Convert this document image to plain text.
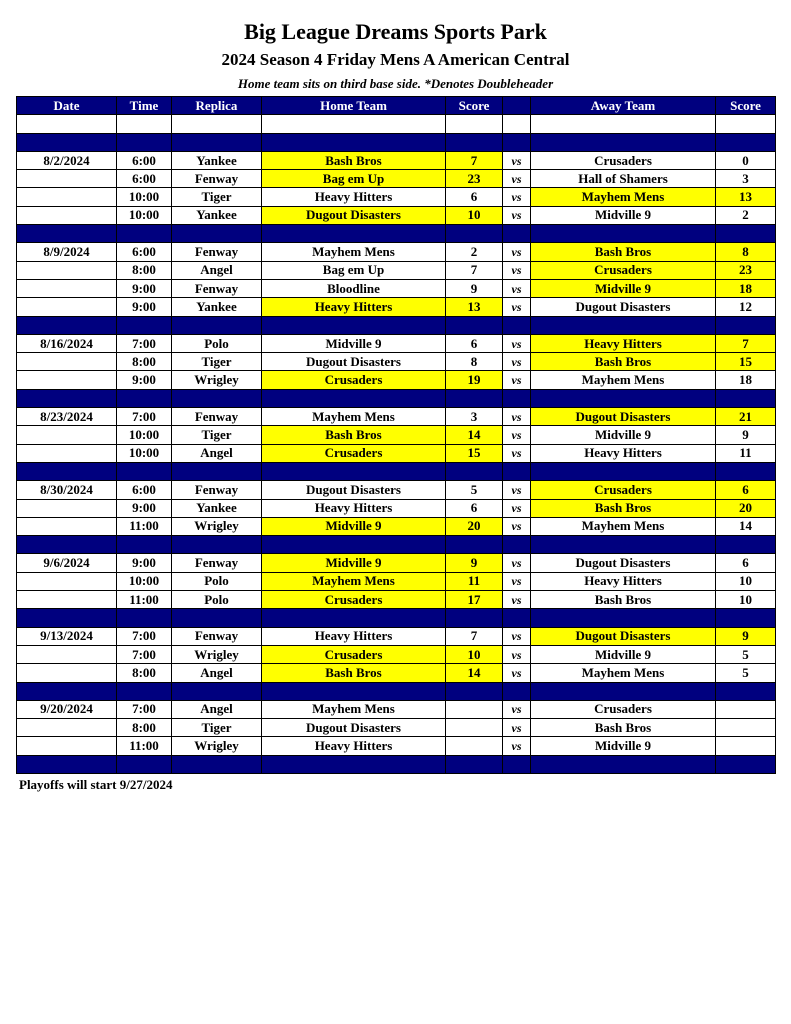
Big League Dreams Sports Park
2024 Season 4 Friday Mens A American Central
Home team sits on third base side. *Denotes Doubleheader
Date	Time	Replica	Home Team	Score		Away Team	Score

8/2/2024	6:00	Yankee	Bash Bros	7	vs	Crusaders	0
	6:00	Fenway	Bag em Up	23	vs	Hall of Shamers	3
	10:00	Tiger	Heavy Hitters	6	vs	Mayhem Mens	13
	10:00	Yankee	Dugout Disasters	10	vs	Midville 9	2

8/9/2024	6:00	Fenway	Mayhem Mens	2	vs	Bash Bros	8
	8:00	Angel	Bag em Up	7	vs	Crusaders	23
	9:00	Fenway	Bloodline	9	vs	Midville 9	18
	9:00	Yankee	Heavy Hitters	13	vs	Dugout Disasters	12

8/16/2024	7:00	Polo	Midville 9	6	vs	Heavy Hitters	7
	8:00	Tiger	Dugout Disasters	8	vs	Bash Bros	15
	9:00	Wrigley	Crusaders	19	vs	Mayhem Mens	18

8/23/2024	7:00	Fenway	Mayhem Mens	3	vs	Dugout Disasters	21
	10:00	Tiger	Bash Bros	14	vs	Midville 9	9
	10:00	Angel	Crusaders	15	vs	Heavy Hitters	11

8/30/2024	6:00	Fenway	Dugout Disasters	5	vs	Crusaders	6
	9:00	Yankee	Heavy Hitters	6	vs	Bash Bros	20
	11:00	Wrigley	Midville 9	20	vs	Mayhem Mens	14

9/6/2024	9:00	Fenway	Midville 9	9	vs	Dugout Disasters	6
	10:00	Polo	Mayhem Mens	11	vs	Heavy Hitters	10
	11:00	Polo	Crusaders	17	vs	Bash Bros	10

9/13/2024	7:00	Fenway	Heavy Hitters	7	vs	Dugout Disasters	9
	7:00	Wrigley	Crusaders	10	vs	Midville 9	5
	8:00	Angel	Bash Bros	14	vs	Mayhem Mens	5

9/20/2024	7:00	Angel	Mayhem Mens		vs	Crusaders	
	8:00	Tiger	Dugout Disasters		vs	Bash Bros	
	11:00	Wrigley	Heavy Hitters		vs	Midville 9	

Playoffs will start 9/27/2024
